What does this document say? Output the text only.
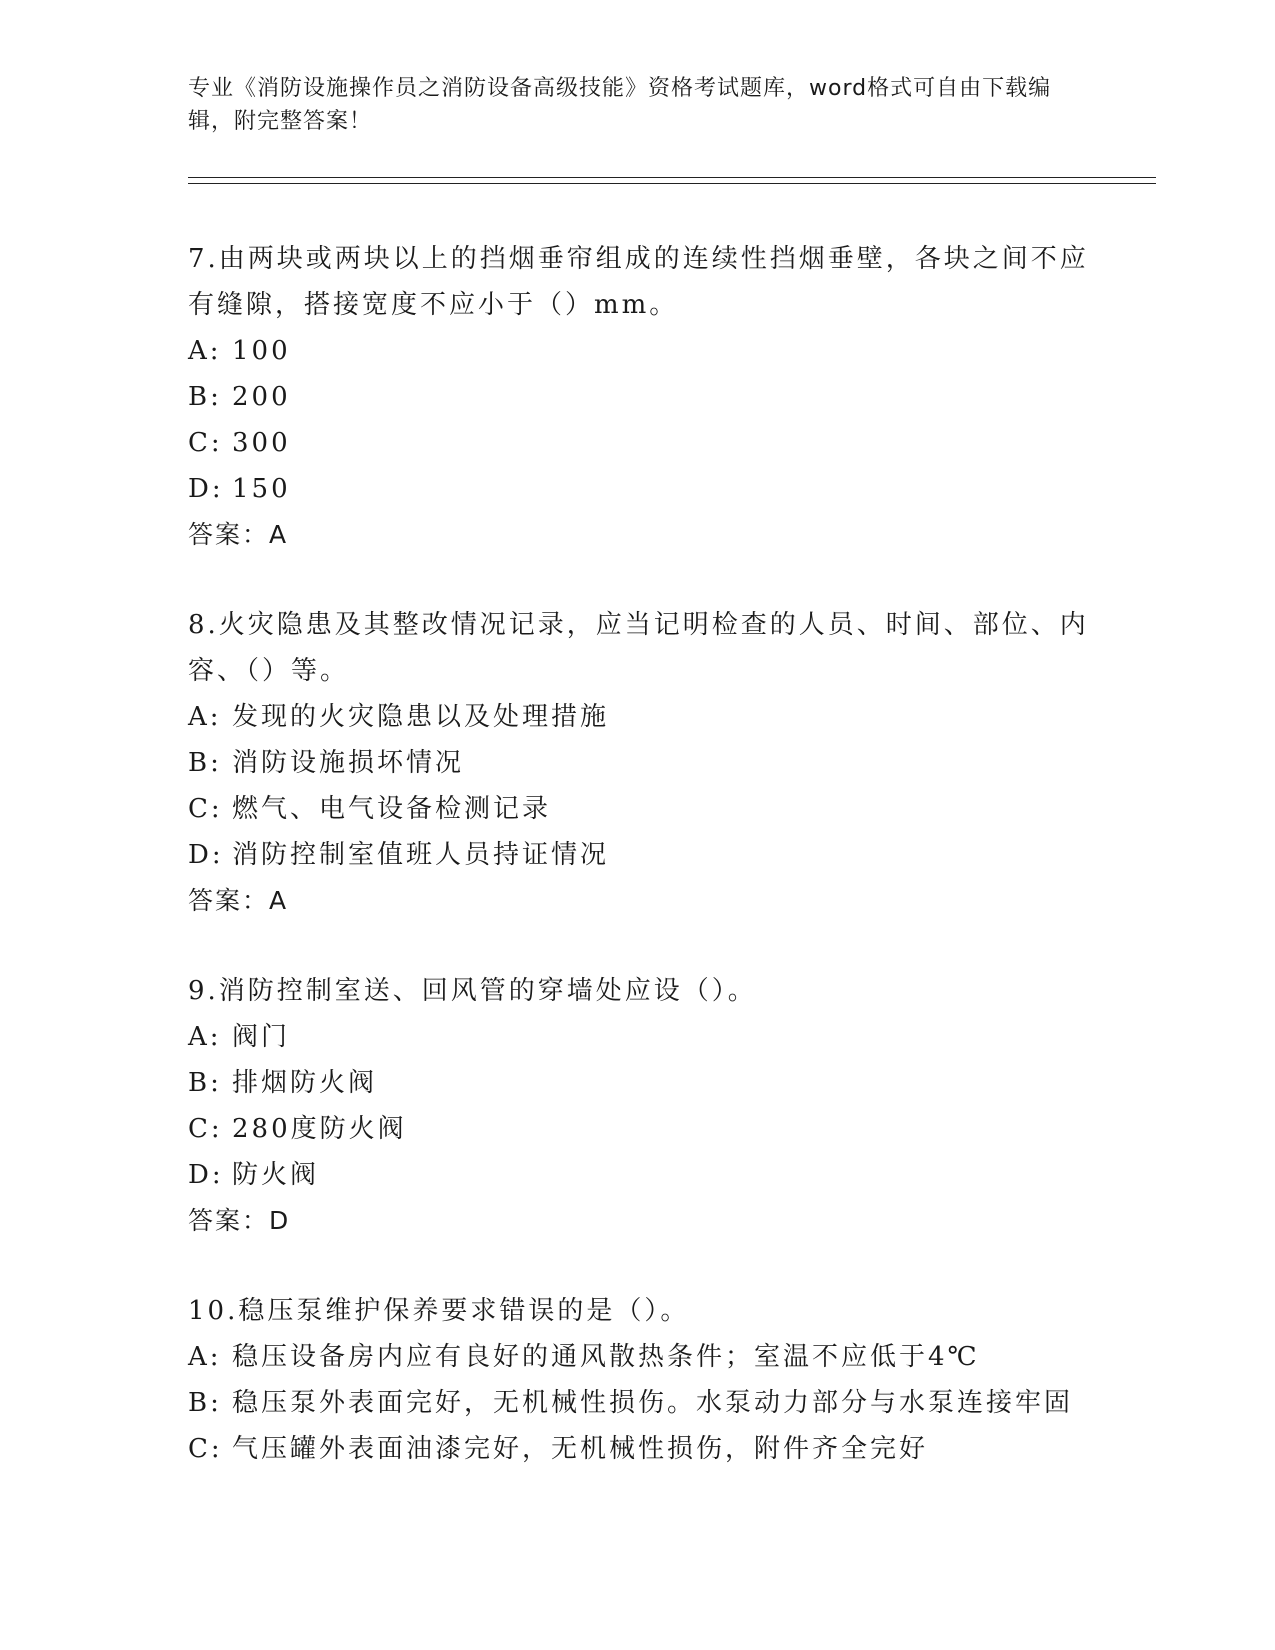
专业《消防设施操作员之消防设备高级技能》资格考试题库，word格式可自由下载编辑，附完整答案！

7.由两块或两块以上的挡烟垂帘组成的连续性挡烟垂壁，各块之间不应有缝隙，搭接宽度不应小于（）mm。

A: 100
B: 200
C: 300
D: 150
答案：A

8.火灾隐患及其整改情况记录，应当记明检查的人员、时间、部位、内容、（）等。

A: 发现的火灾隐患以及处理措施
B: 消防设施损坏情况
C: 燃气、电气设备检测记录
D: 消防控制室值班人员持证情况
答案：A

9.消防控制室送、回风管的穿墙处应设（）。

A: 阀门
B: 排烟防火阀
C: 280度防火阀
D: 防火阀
答案：D

10.稳压泵维护保养要求错误的是（）。

A: 稳压设备房内应有良好的通风散热条件；室温不应低于4℃
B: 稳压泵外表面完好，无机械性损伤。水泵动力部分与水泵连接牢固
C: 气压罐外表面油漆完好，无机械性损伤，附件齐全完好
